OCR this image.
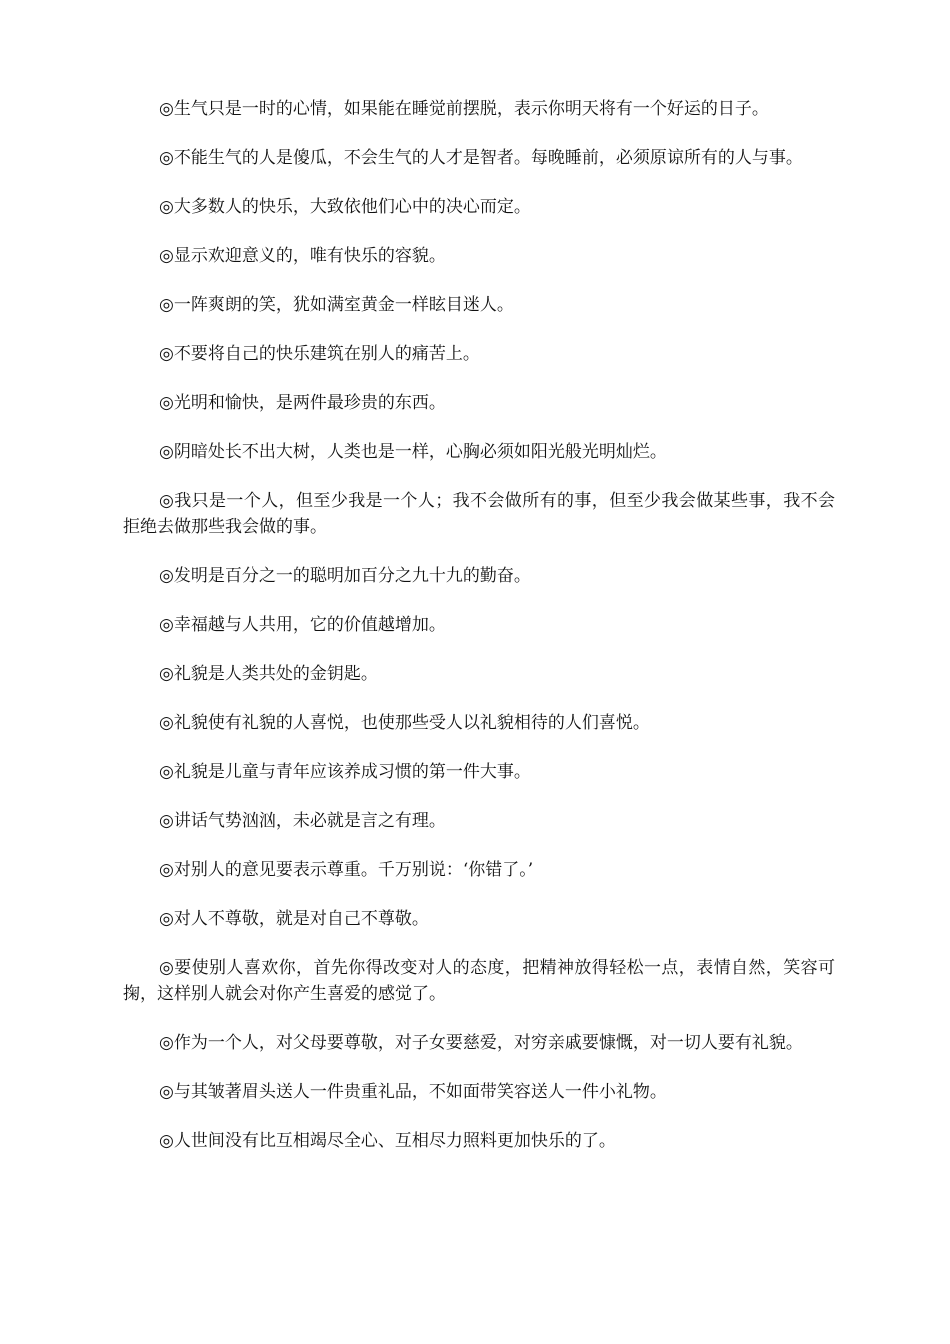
◎生气只是一时的心情，如果能在睡觉前摆脱，表示你明天将有一个好运的日子。

◎不能生气的人是傻瓜，不会生气的人才是智者。每晚睡前，必须原谅所有的人与事。

◎大多数人的快乐，大致依他们心中的决心而定。

◎显示欢迎意义的，唯有快乐的容貌。

◎一阵爽朗的笑，犹如满室黄金一样眩目迷人。

◎不要将自己的快乐建筑在别人的痛苦上。

◎光明和愉快，是两件最珍贵的东西。

◎阴暗处长不出大树，人类也是一样，心胸必须如阳光般光明灿烂。

◎我只是一个人，但至少我是一个人；我不会做所有的事，但至少我会做某些事，我不会拒绝去做那些我会做的事。

◎发明是百分之一的聪明加百分之九十九的勤奋。

◎幸福越与人共用，它的价值越增加。

◎礼貌是人类共处的金钥匙。

◎礼貌使有礼貌的人喜悦，也使那些受人以礼貌相待的人们喜悦。

◎礼貌是儿童与青年应该养成习惯的第一件大事。

◎讲话气势汹汹，未必就是言之有理。

◎对别人的意见要表示尊重。千万别说：‘你错了。’

◎对人不尊敬，就是对自己不尊敬。

◎要使别人喜欢你，首先你得改变对人的态度，把精神放得轻松一点，表情自然，笑容可掬，这样别人就会对你产生喜爱的感觉了。

◎作为一个人，对父母要尊敬，对子女要慈爱，对穷亲戚要慷慨，对一切人要有礼貌。

◎与其皱著眉头送人一件贵重礼品，不如面带笑容送人一件小礼物。

◎人世间没有比互相竭尽全心、互相尽力照料更加快乐的了。
